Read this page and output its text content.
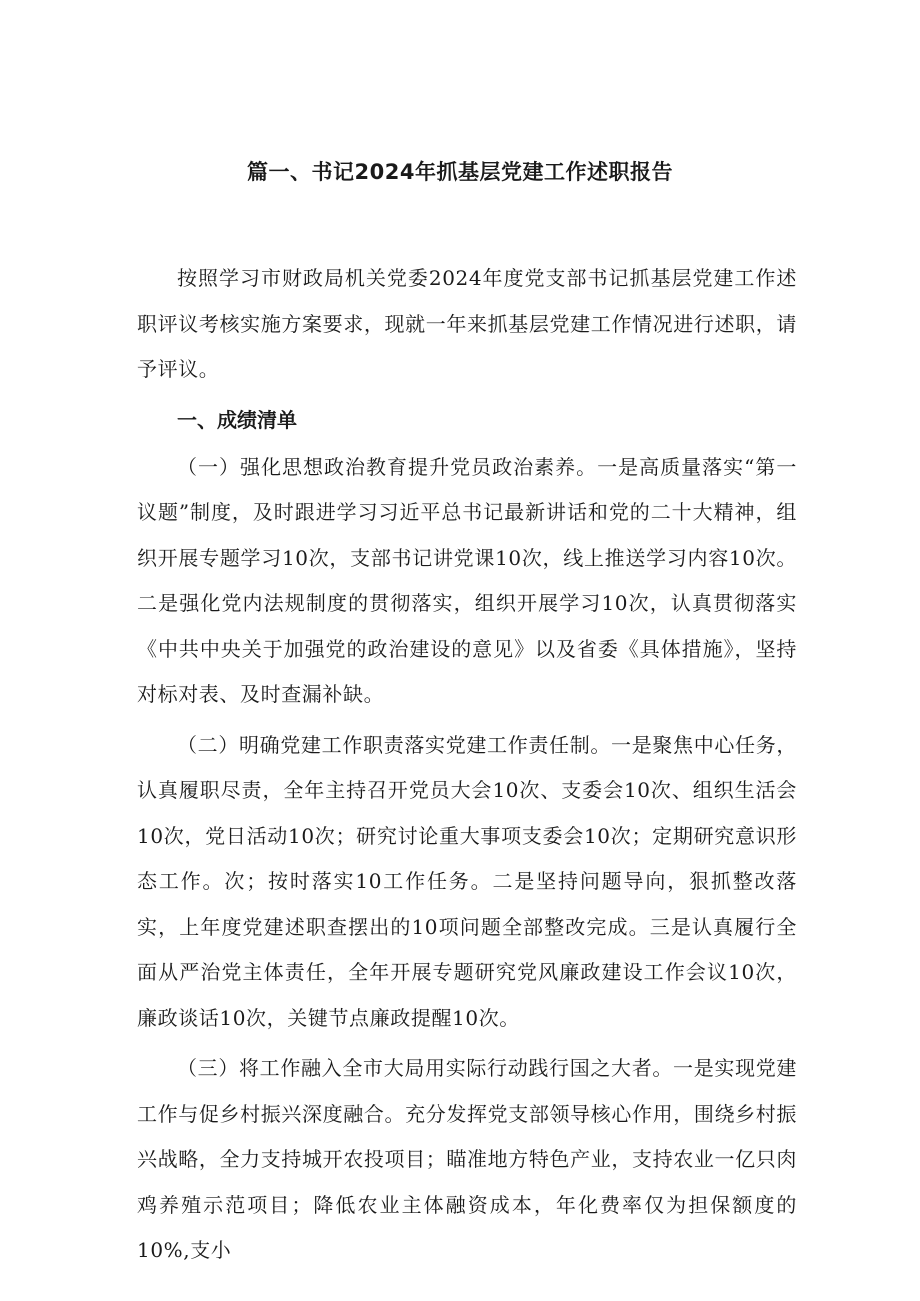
篇一、书记2024年抓基层党建工作述职报告

按照学习市财政局机关党委2024年度党支部书记抓基层党建工作述职评议考核实施方案要求，现就一年来抓基层党建工作情况进行述职，请予评议。

一、成绩清单

（一）强化思想政治教育提升党员政治素养。一是高质量落实“第一议题”制度，及时跟进学习习近平总书记最新讲话和党的二十大精神，组织开展专题学习10次，支部书记讲党课10次，线上推送学习内容10次。二是强化党内法规制度的贯彻落实，组织开展学习10次，认真贯彻落实《中共中央关于加强党的政治建设的意见》以及省委《具体措施》，坚持对标对表、及时查漏补缺。

（二）明确党建工作职责落实党建工作责任制。一是聚焦中心任务，认真履职尽责，全年主持召开党员大会10次、支委会10次、组织生活会10次，党日活动10次；研究讨论重大事项支委会10次；定期研究意识形态工作。次；按时落实10工作任务。二是坚持问题导向，狠抓整改落实，上年度党建述职查摆出的10项问题全部整改完成。三是认真履行全面从严治党主体责任，全年开展专题研究党风廉政建设工作会议10次，廉政谈话10次，关键节点廉政提醒10次。

（三）将工作融入全市大局用实际行动践行国之大者。一是实现党建工作与促乡村振兴深度融合。充分发挥党支部领导核心作用，围绕乡村振兴战略，全力支持城开农投项目；瞄准地方特色产业，支持农业一亿只肉鸡养殖示范项目；降低农业主体融资成本，年化费率仅为担保额度的10%,支小
